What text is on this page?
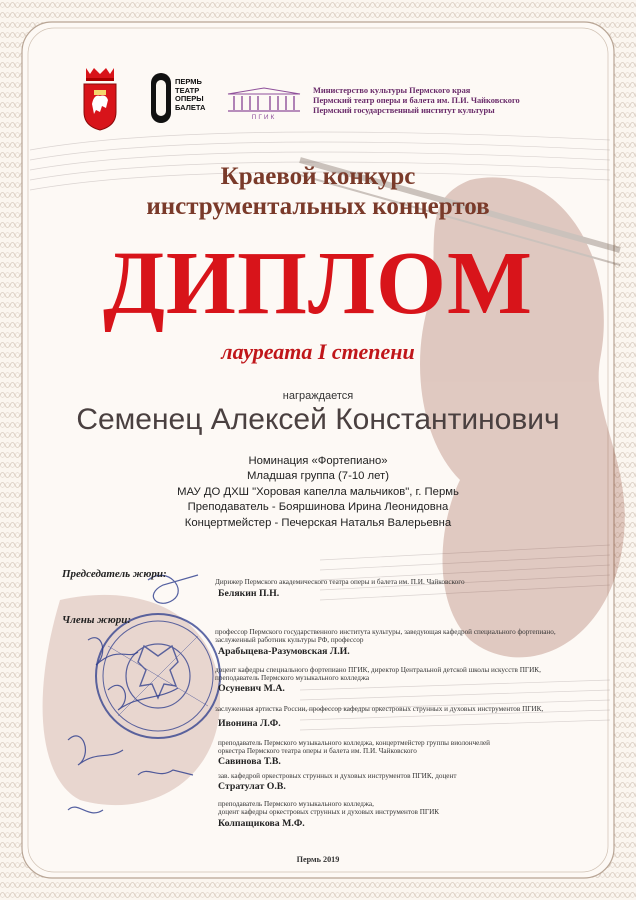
ПЕРМЬ
ТЕАТР
ОПЕРЫ
БАЛЕТА
ПГИК
Министерство культуры Пермского края
Пермский театр оперы и балета им. П.И. Чайковского
Пермский государственный институт культуры
Краевой конкурс
инструментальных концертов
ДИПЛОМ
лауреата I степени
награждается
Семенец Алексей Константинович
Номинация «Фортепиано»
Младшая группа (7-10 лет)
МАУ ДО ДХШ "Хоровая капелла мальчиков", г. Пермь
Преподаватель - Бояршинова Ирина Леонидовна
Концертмейстер - Печерская Наталья Валерьевна
Председатель жюри:
Дирижер Пермского академического театра оперы и балета им. П.И. Чайковского
Белякин П.Н.
Члены жюри:
профессор Пермского государственного института культуры, заведующая кафедрой специального фортепиано,
заслуженный работник культуры РФ, профессор
Арабыцева-Разумовская Л.И.
доцент кафедры специального фортепиано ПГИК, директор Центральной детской школы искусств ПГИК,
преподаватель Пермского музыкального колледжа
Осуневич М.А.
заслуженная артистка России, профессор кафедры оркестровых струнных и духовых инструментов ПГИК,
Ивонина Л.Ф.
преподаватель Пермского музыкального колледжа, концертмейстер группы виолончелей
оркестра Пермского театра оперы и балета им. П.И. Чайковского
Савинова Т.В.
зав. кафедрой оркестровых струнных и духовых инструментов ПГИК, доцент
Стратулат О.В.
преподаватель Пермского музыкального колледжа,
доцент кафедры оркестровых струнных и духовых инструментов ПГИК
Колпащикова М.Ф.
Пермь 2019
